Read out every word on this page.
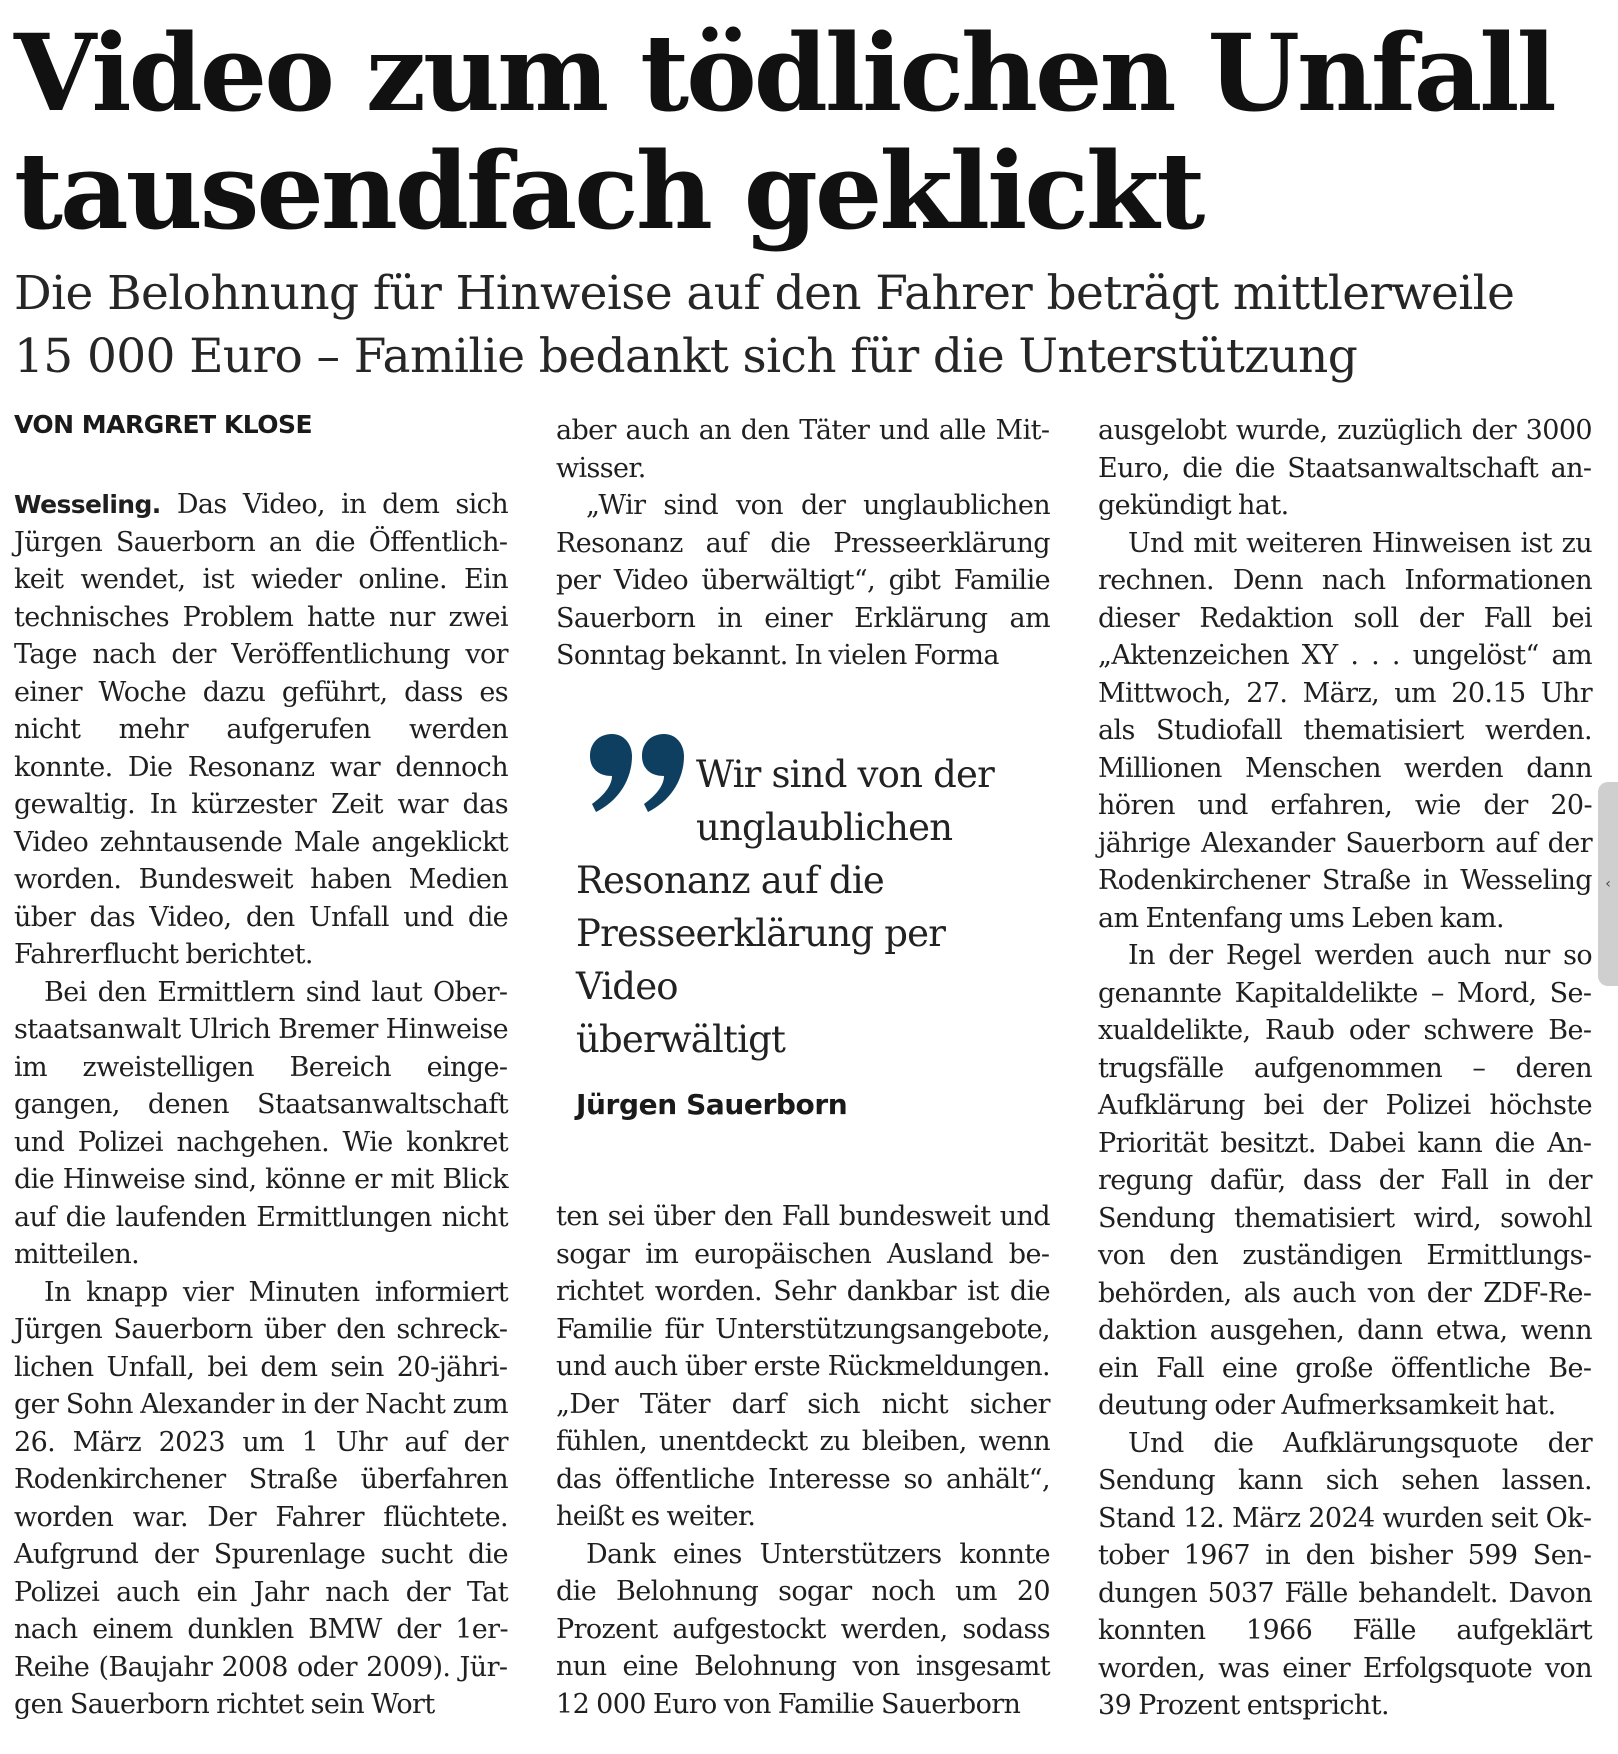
Video zum tödlichen Unfall
tausendfach geklickt
Die Belohnung für Hinweise auf den Fahrer beträgt mittlerweile
15 000 Euro – Familie bedankt sich für die Unterstützung
VON MARGRET KLOSE

Wesseling. Das Video, in dem sich Jürgen Sauerborn an die Öffentlichkeit wendet, ist wieder online. Ein technisches Problem hatte nur zwei Tage nach der Veröffentlichung vor einer Woche dazu geführt, dass es nicht mehr aufgerufen werden konnte. Die Resonanz war dennoch gewaltig. In kürzester Zeit war das Video zehntausende Male angeklickt worden. Bundesweit haben Medien über das Video, den Unfall und die Fahrerflucht berichtet.

Bei den Ermittlern sind laut Oberstaatsanwalt Ulrich Bremer Hinweise im zweistelligen Bereich eingegangen, denen Staatsanwaltschaft und Polizei nachgehen. Wie konkret die Hinweise sind, könne er mit Blick auf die laufenden Ermittlungen nicht mitteilen.

In knapp vier Minuten informiert Jürgen Sauerborn über den schrecklichen Unfall, bei dem sein 20-jähriger Sohn Alexander in der Nacht zum 26. März 2023 um 1 Uhr auf der Rodenkirchener Straße überfahren worden war. Der Fahrer flüchtete. Aufgrund der Spurenlage sucht die Polizei auch ein Jahr nach der Tat nach einem dunklen BMW der 1er-Reihe (Baujahr 2008 oder 2009). Jürgen Sauerborn richtet sein Wort

aber auch an den Täter und alle Mitwisser.

„Wir sind von der unglaublichen Resonanz auf die Presseerklärung per Video überwältigt“, gibt Familie Sauerborn in einer Erklärung am Sonntag bekannt. In vielen Forma

Wir sind von der
unglaublichen
Resonanz auf die
Presseerklärung per Video
überwältigt

Jürgen Sauerborn

ten sei über den Fall bundesweit und sogar im europäischen Ausland berichtet worden. Sehr dankbar ist die Familie für Unterstützungsangebote, und auch über erste Rückmeldungen. „Der Täter darf sich nicht sicher fühlen, unentdeckt zu bleiben, wenn das öffentliche Interesse so anhält“, heißt es weiter.

Dank eines Unterstützers konnte die Belohnung sogar noch um 20 Prozent aufgestockt werden, sodass nun eine Belohnung von insgesamt 12 000 Euro von Familie Sauerborn

ausgelobt wurde, zuzüglich der 3000 Euro, die die Staatsanwaltschaft angekündigt hat.

Und mit weiteren Hinweisen ist zu rechnen. Denn nach Informationen dieser Redaktion soll der Fall bei „Aktenzeichen XY . . . ungelöst“ am Mittwoch, 27. März, um 20.15 Uhr als Studiofall thematisiert werden. Millionen Menschen werden dann hören und erfahren, wie der 20-jährige Alexander Sauerborn auf der Rodenkirchener Straße in Wesseling am Entenfang ums Leben kam.

In der Regel werden auch nur so genannte Kapitaldelikte – Mord, Sexualdelikte, Raub oder schwere Betrugsfälle aufgenommen – deren Aufklärung bei der Polizei höchste Priorität besitzt. Dabei kann die Anregung dafür, dass der Fall in der Sendung thematisiert wird, sowohl von den zuständigen Ermittlungsbehörden, als auch von der ZDF-Redaktion ausgehen, dann etwa, wenn ein Fall eine große öffentliche Bedeutung oder Aufmerksamkeit hat.

Und die Aufklärungsquote der Sendung kann sich sehen lassen. Stand 12. März 2024 wurden seit Oktober 1967 in den bisher 599 Sendungen 5037 Fälle behandelt. Davon konnten 1966 Fälle aufgeklärt worden, was einer Erfolgsquote von 39 Prozent entspricht.

‹
